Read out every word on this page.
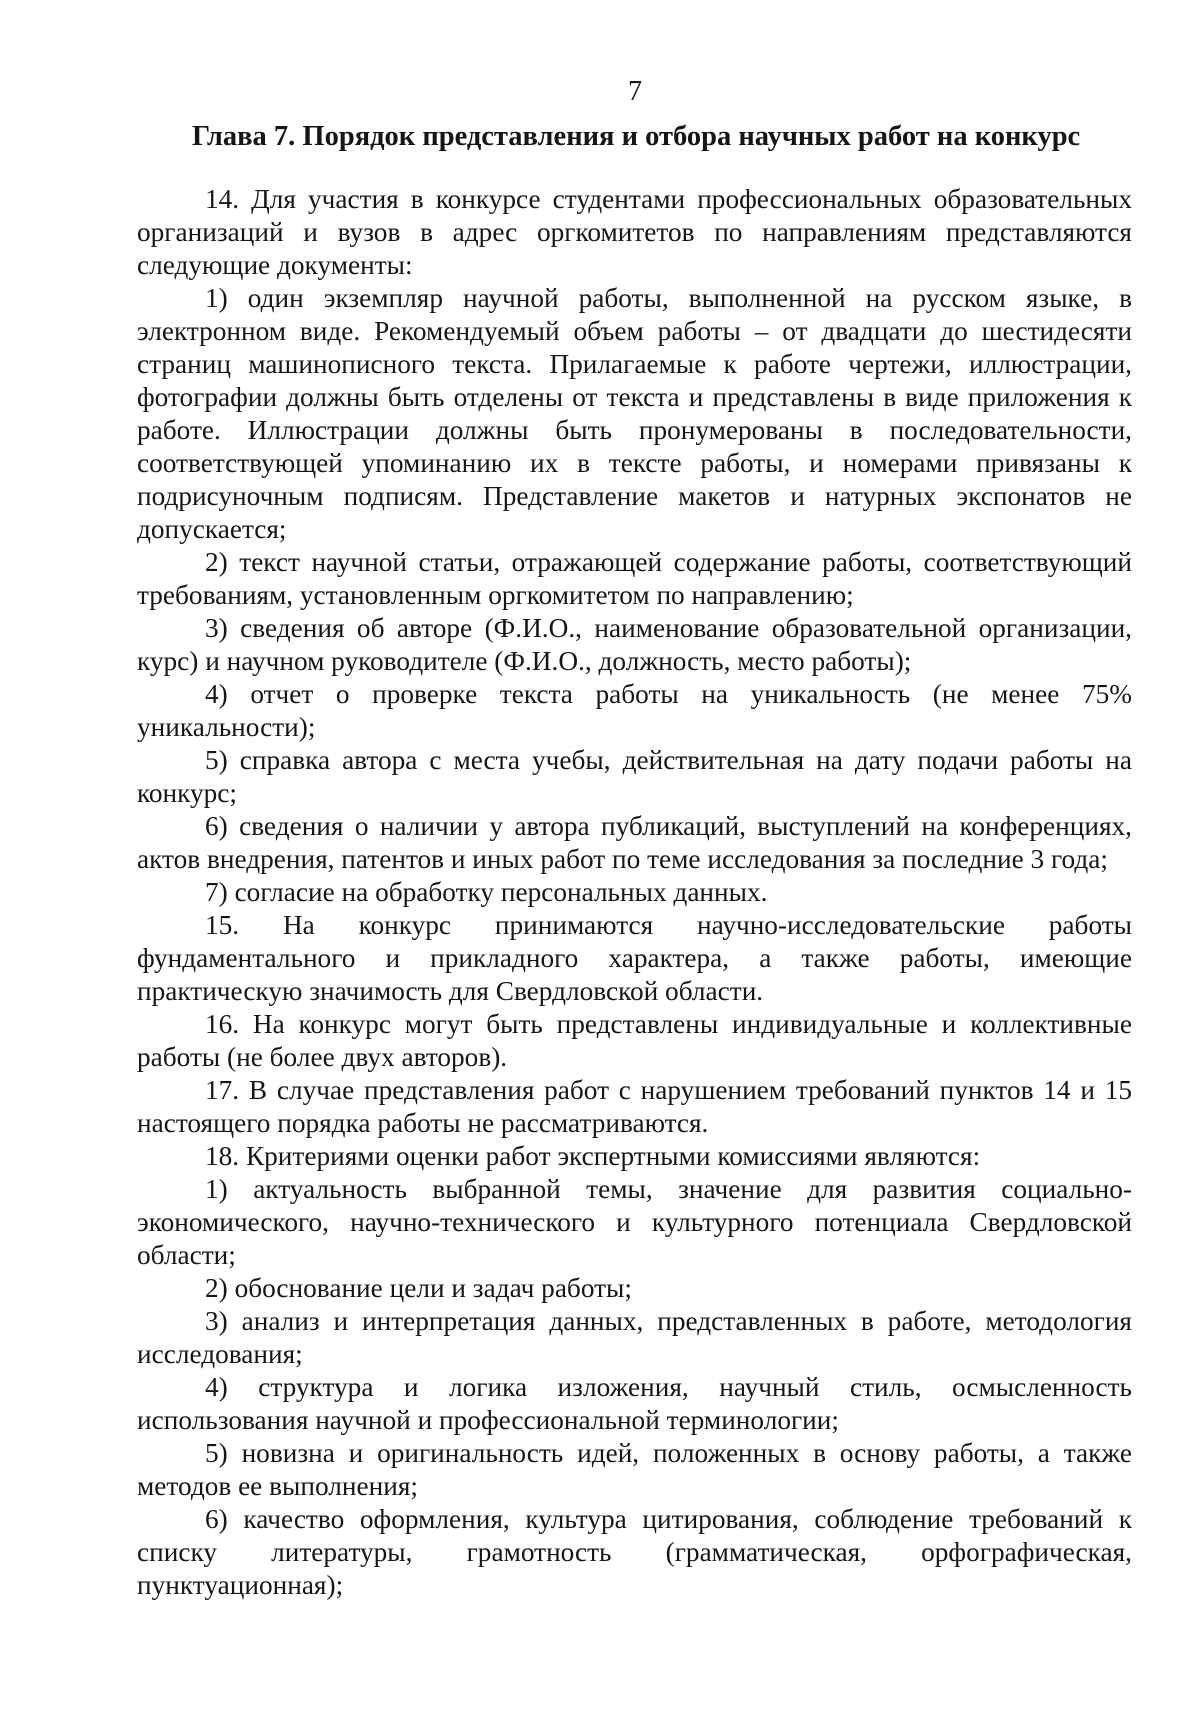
7
Глава 7. Порядок представления и отбора научных работ на конкурс

14. Для участия в конкурсе студентами профессиональных образовательных организаций и вузов в адрес оргкомитетов по направлениям представляются следующие документы:

1) один экземпляр научной работы, выполненной на русском языке, в электронном виде. Рекомендуемый объем работы – от двадцати до шестидесяти страниц машинописного текста. Прилагаемые к работе чертежи, иллюстрации, фотографии должны быть отделены от текста и представлены в виде приложения к работе. Иллюстрации должны быть пронумерованы в последовательности, соответствующей упоминанию их в тексте работы, и номерами привязаны к подрисуночным подписям. Представление макетов и натурных экспонатов не допускается;

2) текст научной статьи, отражающей содержание работы, соответствующий требованиям, установленным оргкомитетом по направлению;

3) сведения об авторе (Ф.И.О., наименование образовательной организации, курс) и научном руководителе (Ф.И.О., должность, место работы);

4) отчет о проверке текста работы на уникальность (не менее 75% уникальности);

5) справка автора с места учебы, действительная на дату подачи работы на конкурс;

6) сведения о наличии у автора публикаций, выступлений на конференциях, актов внедрения, патентов и иных работ по теме исследования за последние 3 года;

7) согласие на обработку персональных данных.

15. На конкурс принимаются научно-исследовательские работы фундаментального и прикладного характера, а также работы, имеющие практическую значимость для Свердловской области.

16. На конкурс могут быть представлены индивидуальные и коллективные работы (не более двух авторов).

17. В случае представления работ с нарушением требований пунктов 14 и 15 настоящего порядка работы не рассматриваются.

18. Критериями оценки работ экспертными комиссиями являются:

1) актуальность выбранной темы, значение для развития социально-экономического, научно-технического и культурного потенциала Свердловской области;

2) обоснование цели и задач работы;

3) анализ и интерпретация данных, представленных в работе, методология исследования;

4) структура и логика изложения, научный стиль, осмысленность использования научной и профессиональной терминологии;

5) новизна и оригинальность идей, положенных в основу работы, а также методов ее выполнения;

6) качество оформления, культура цитирования, соблюдение требований к списку литературы, грамотность (грамматическая, орфографическая, пунктуационная);
